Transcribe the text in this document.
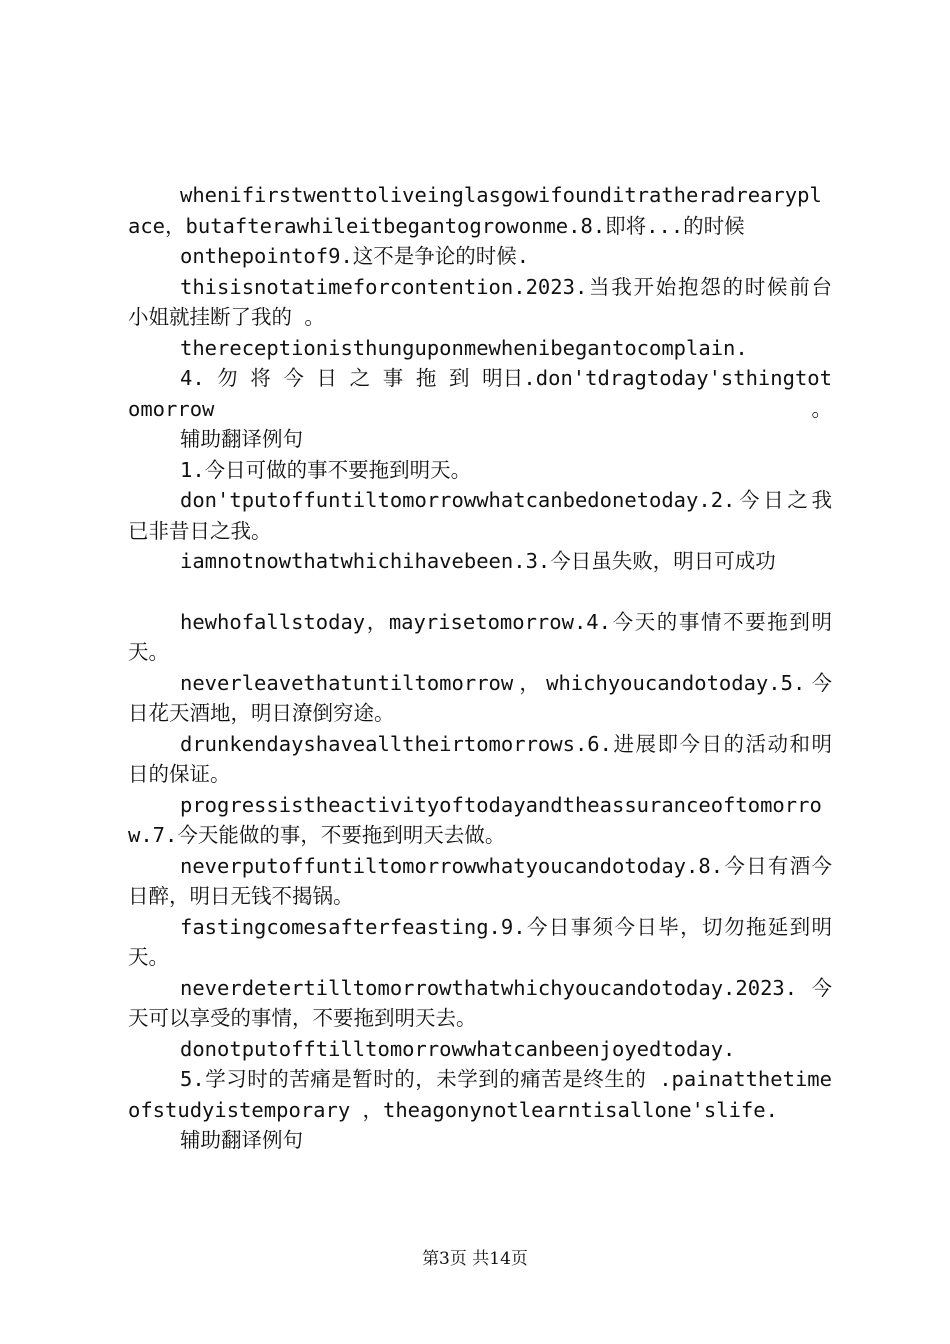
whenifirstwenttoliveinglasgowifounditratheradrearyplace，butafterawhileitbegantogrowonme.8.即将...的时候

onthepointof9.这不是争论的时候.

thisisnotatimeforcontention.2023.当我开始抱怨的时候前台小姐就挂断了我的 。

thereceptionisthunguponmewhenibegantocomplain.

4. 勿 将 今 日 之 事 拖 到 明日.don'tdragtoday'sthingtotomorrow。

辅助翻译例句

1.今日可做的事不要拖到明天。

don'tputoffuntiltomorrowwhatcanbedonetoday.2.今日之我已非昔日之我。

iamnotnowthatwhichihavebeen.3.今日虽失败，明日可成功

hewhofallstoday，mayrisetomorrow.4.今天的事情不要拖到明天。

neverleavethatuntiltomorrow，whichyoucandotoday.5.今日花天酒地，明日潦倒穷途。

drunkendayshavealltheirtomorrows.6.进展即今日的活动和明日的保证。

progressistheactivityoftodayandtheassuranceoftomorrow.7.今天能做的事，不要拖到明天去做。

neverputoffuntiltomorrowwhatyoucandotoday.8.今日有酒今日醉，明日无钱不揭锅。

fastingcomesafterfeasting.9.今日事须今日毕，切勿拖延到明天。

neverdetertilltomorrowthatwhichyoucandotoday.2023.今天可以享受的事情，不要拖到明天去。

donotputofftilltomorrowwhatcanbeenjoyedtoday.

5.学习时的苦痛是暂时的，未学到的痛苦是终生的 .painatthetimeofstudyistemporary ，theagonynotlearntisallone'slife.

辅助翻译例句

第3页 共14页
